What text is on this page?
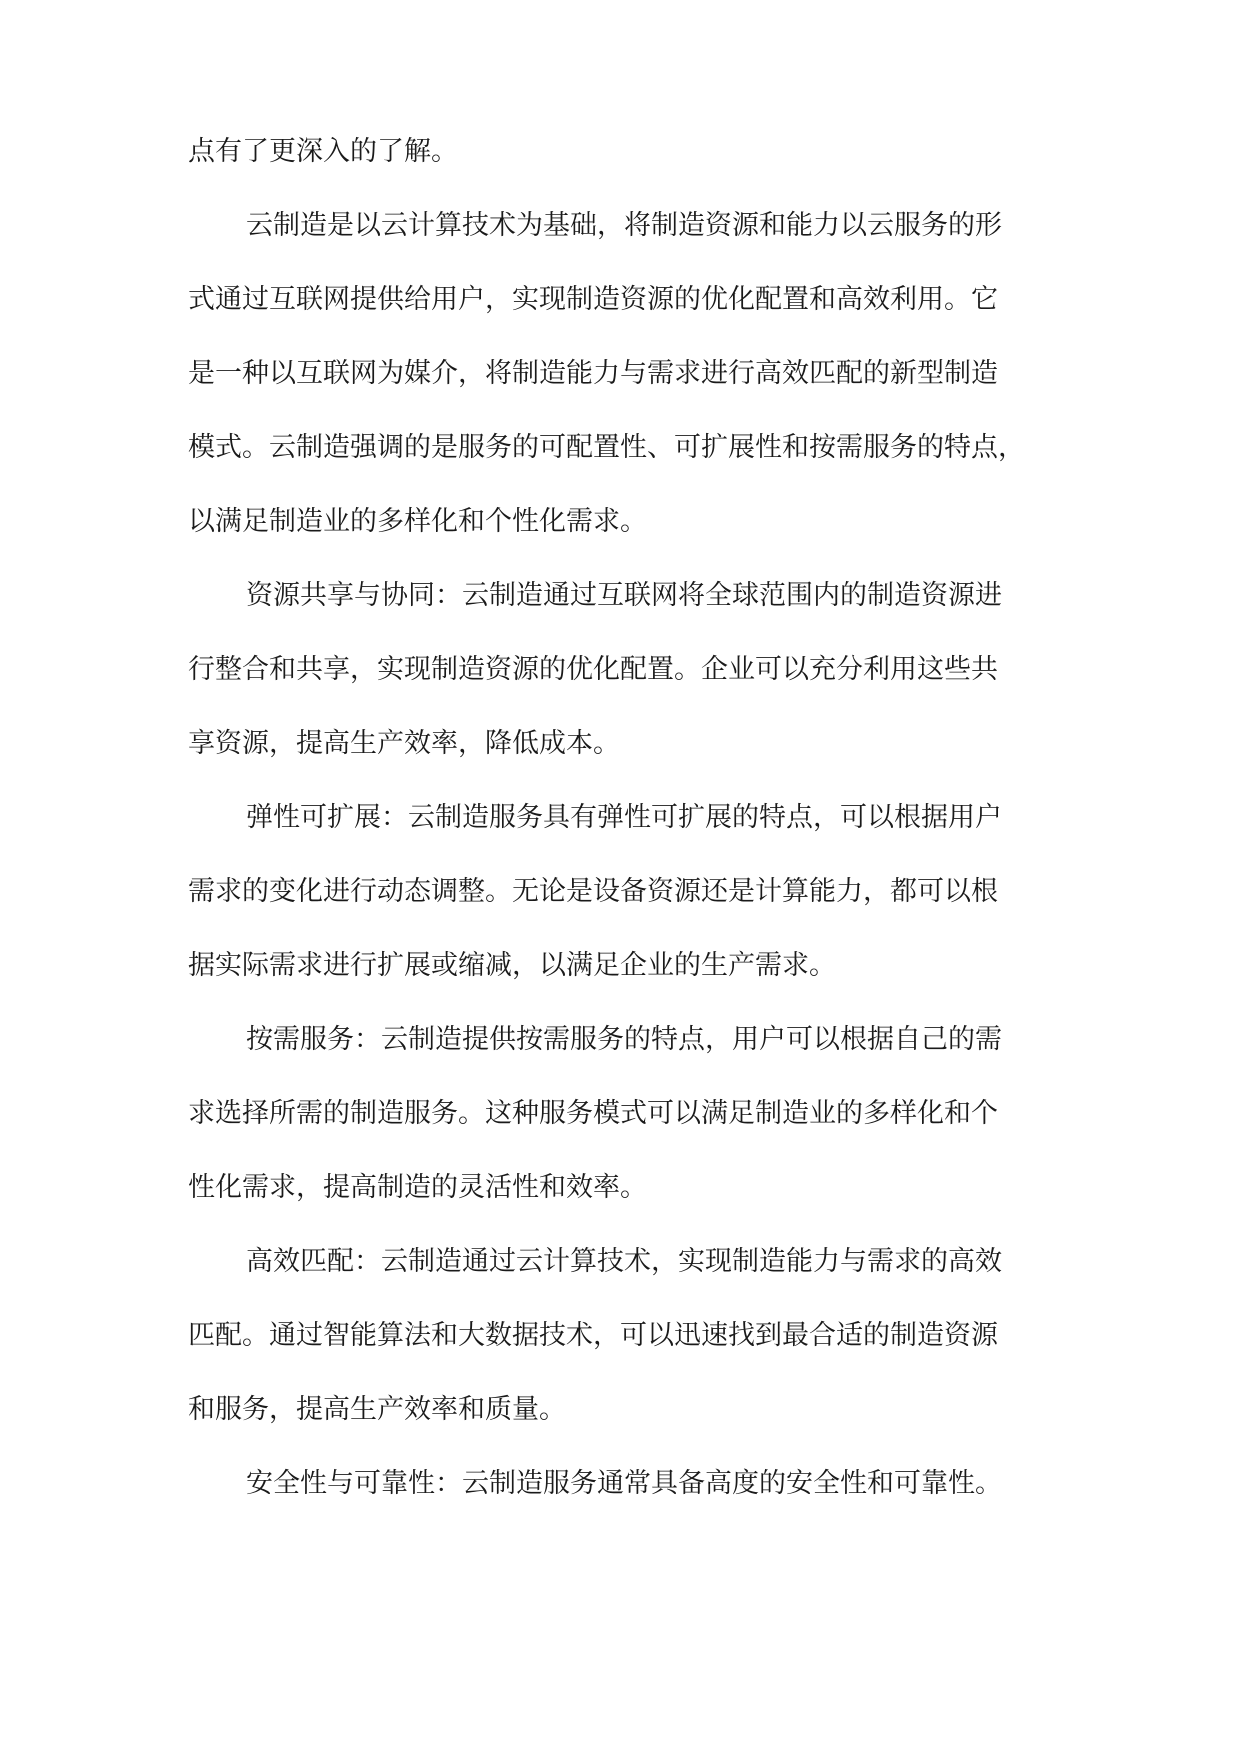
点有了更深入的了解。
云制造是以云计算技术为基础，将制造资源和能力以云服务的形
式通过互联网提供给用户，实现制造资源的优化配置和高效利用。它
是一种以互联网为媒介，将制造能力与需求进行高效匹配的新型制造
模式。云制造强调的是服务的可配置性、可扩展性和按需服务的特点，
以满足制造业的多样化和个性化需求。
资源共享与协同：云制造通过互联网将全球范围内的制造资源进
行整合和共享，实现制造资源的优化配置。企业可以充分利用这些共
享资源，提高生产效率，降低成本。
弹性可扩展：云制造服务具有弹性可扩展的特点，可以根据用户
需求的变化进行动态调整。无论是设备资源还是计算能力，都可以根
据实际需求进行扩展或缩减，以满足企业的生产需求。
按需服务：云制造提供按需服务的特点，用户可以根据自己的需
求选择所需的制造服务。这种服务模式可以满足制造业的多样化和个
性化需求，提高制造的灵活性和效率。
高效匹配：云制造通过云计算技术，实现制造能力与需求的高效
匹配。通过智能算法和大数据技术，可以迅速找到最合适的制造资源
和服务，提高生产效率和质量。
安全性与可靠性：云制造服务通常具备高度的安全性和可靠性。
